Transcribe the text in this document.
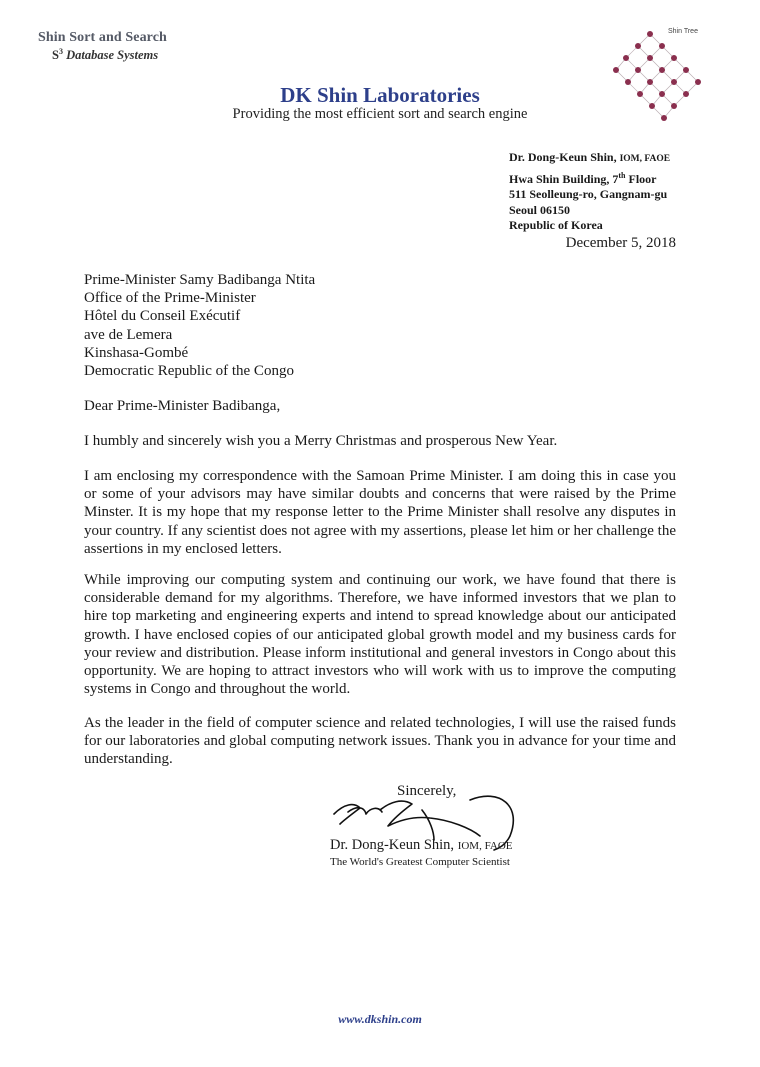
Shin Sort and Search
$S^3$ Database Systems
Shin Tree
DK Shin Laboratories
Providing the most efficient sort and search engine
Dr. Dong-Keun Shin, IOM, FAOE
Hwa Shin Building, 7th Floor
511 Seolleung-ro, Gangnam-gu
Seoul 06150
Republic of Korea
December 5, 2018
Prime-Minister Samy Badibanga Ntita
Office of the Prime-Minister
Hôtel du Conseil Exécutif
ave de Lemera
Kinshasa-Gombé
Democratic Republic of the Congo
Dear Prime-Minister Badibanga,
I humbly and sincerely wish you a Merry Christmas and prosperous New Year.
I am enclosing my correspondence with the Samoan Prime Minister. I am doing this in case you or some of your advisors may have similar doubts and concerns that were raised by the Prime Minster. It is my hope that my response letter to the Prime Minister shall resolve any disputes in your country. If any scientist does not agree with my assertions, please let him or her challenge the assertions in my enclosed letters.
While improving our computing system and continuing our work, we have found that there is considerable demand for my algorithms. Therefore, we have informed investors that we plan to hire top marketing and engineering experts and intend to spread knowledge about our anticipated growth. I have enclosed copies of our anticipated global growth model and my business cards for your review and distribution. Please inform institutional and general investors in Congo about this opportunity. We are hoping to attract investors who will work with us to improve the computing systems in Congo and throughout the world.
As the leader in the field of computer science and related technologies, I will use the raised funds for our laboratories and global computing network issues. Thank you in advance for your time and understanding.
Sincerely,
Dr. Dong-Keun Shin, IOM, FAOE
The World's Greatest Computer Scientist
www.dkshin.com
